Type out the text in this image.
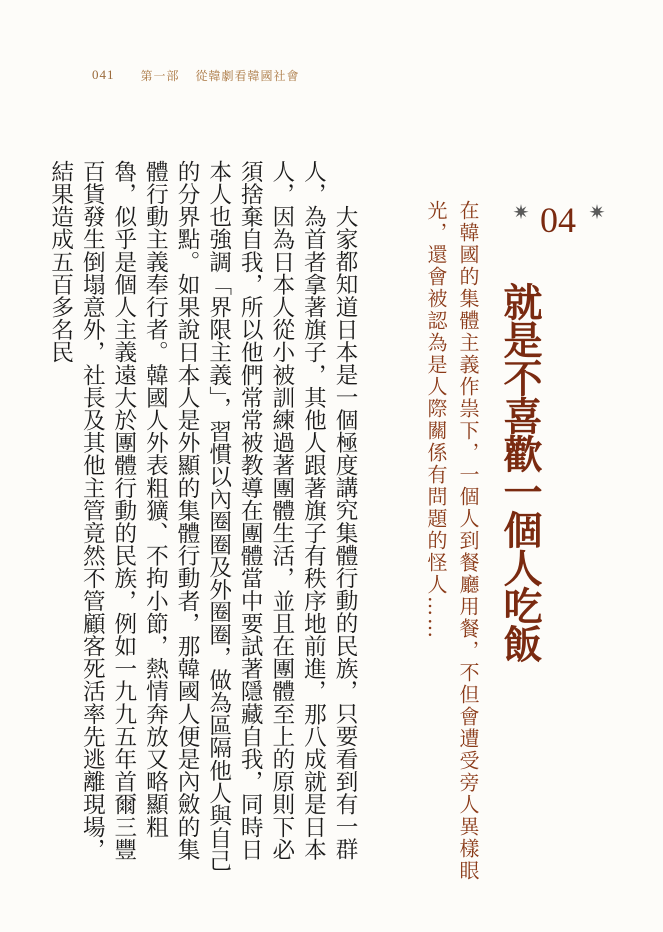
041 第一部 從韓劇看韓國社會
✷
04
✷
就是不喜歡一個人吃飯
在韓國的集體主義作祟下，一個人到餐廳用餐，不但會遭受旁人異樣眼
光，還會被認為是人際關係有問題的怪人……

大家都知道日本是一個極度講究集體行動的民族，只要看到有一群人，為首者拿著旗子，其他人跟著旗子有秩序地前進，那八成就是日本人，因為日本人從小被訓練過著團體生活，並且在團體至上的原則下必須捨棄自我，所以他們常常被教導在團體當中要試著隱藏自我，同時日本人也強調「界限主義」，習慣以內圈圈及外圈圈，做為區隔他人與自己的分界點。如果說日本人是外顯的集體行動者，那韓國人便是內斂的集體行動主義奉行者。韓國人外表粗獷、不拘小節，熱情奔放又略顯粗魯，似乎是個人主義遠大於團體行動的民族，例如一九九五年首爾三豐百貨發生倒塌意外，社長及其他主管竟然不管顧客死活率先逃離現場，結果造成五百多名民
